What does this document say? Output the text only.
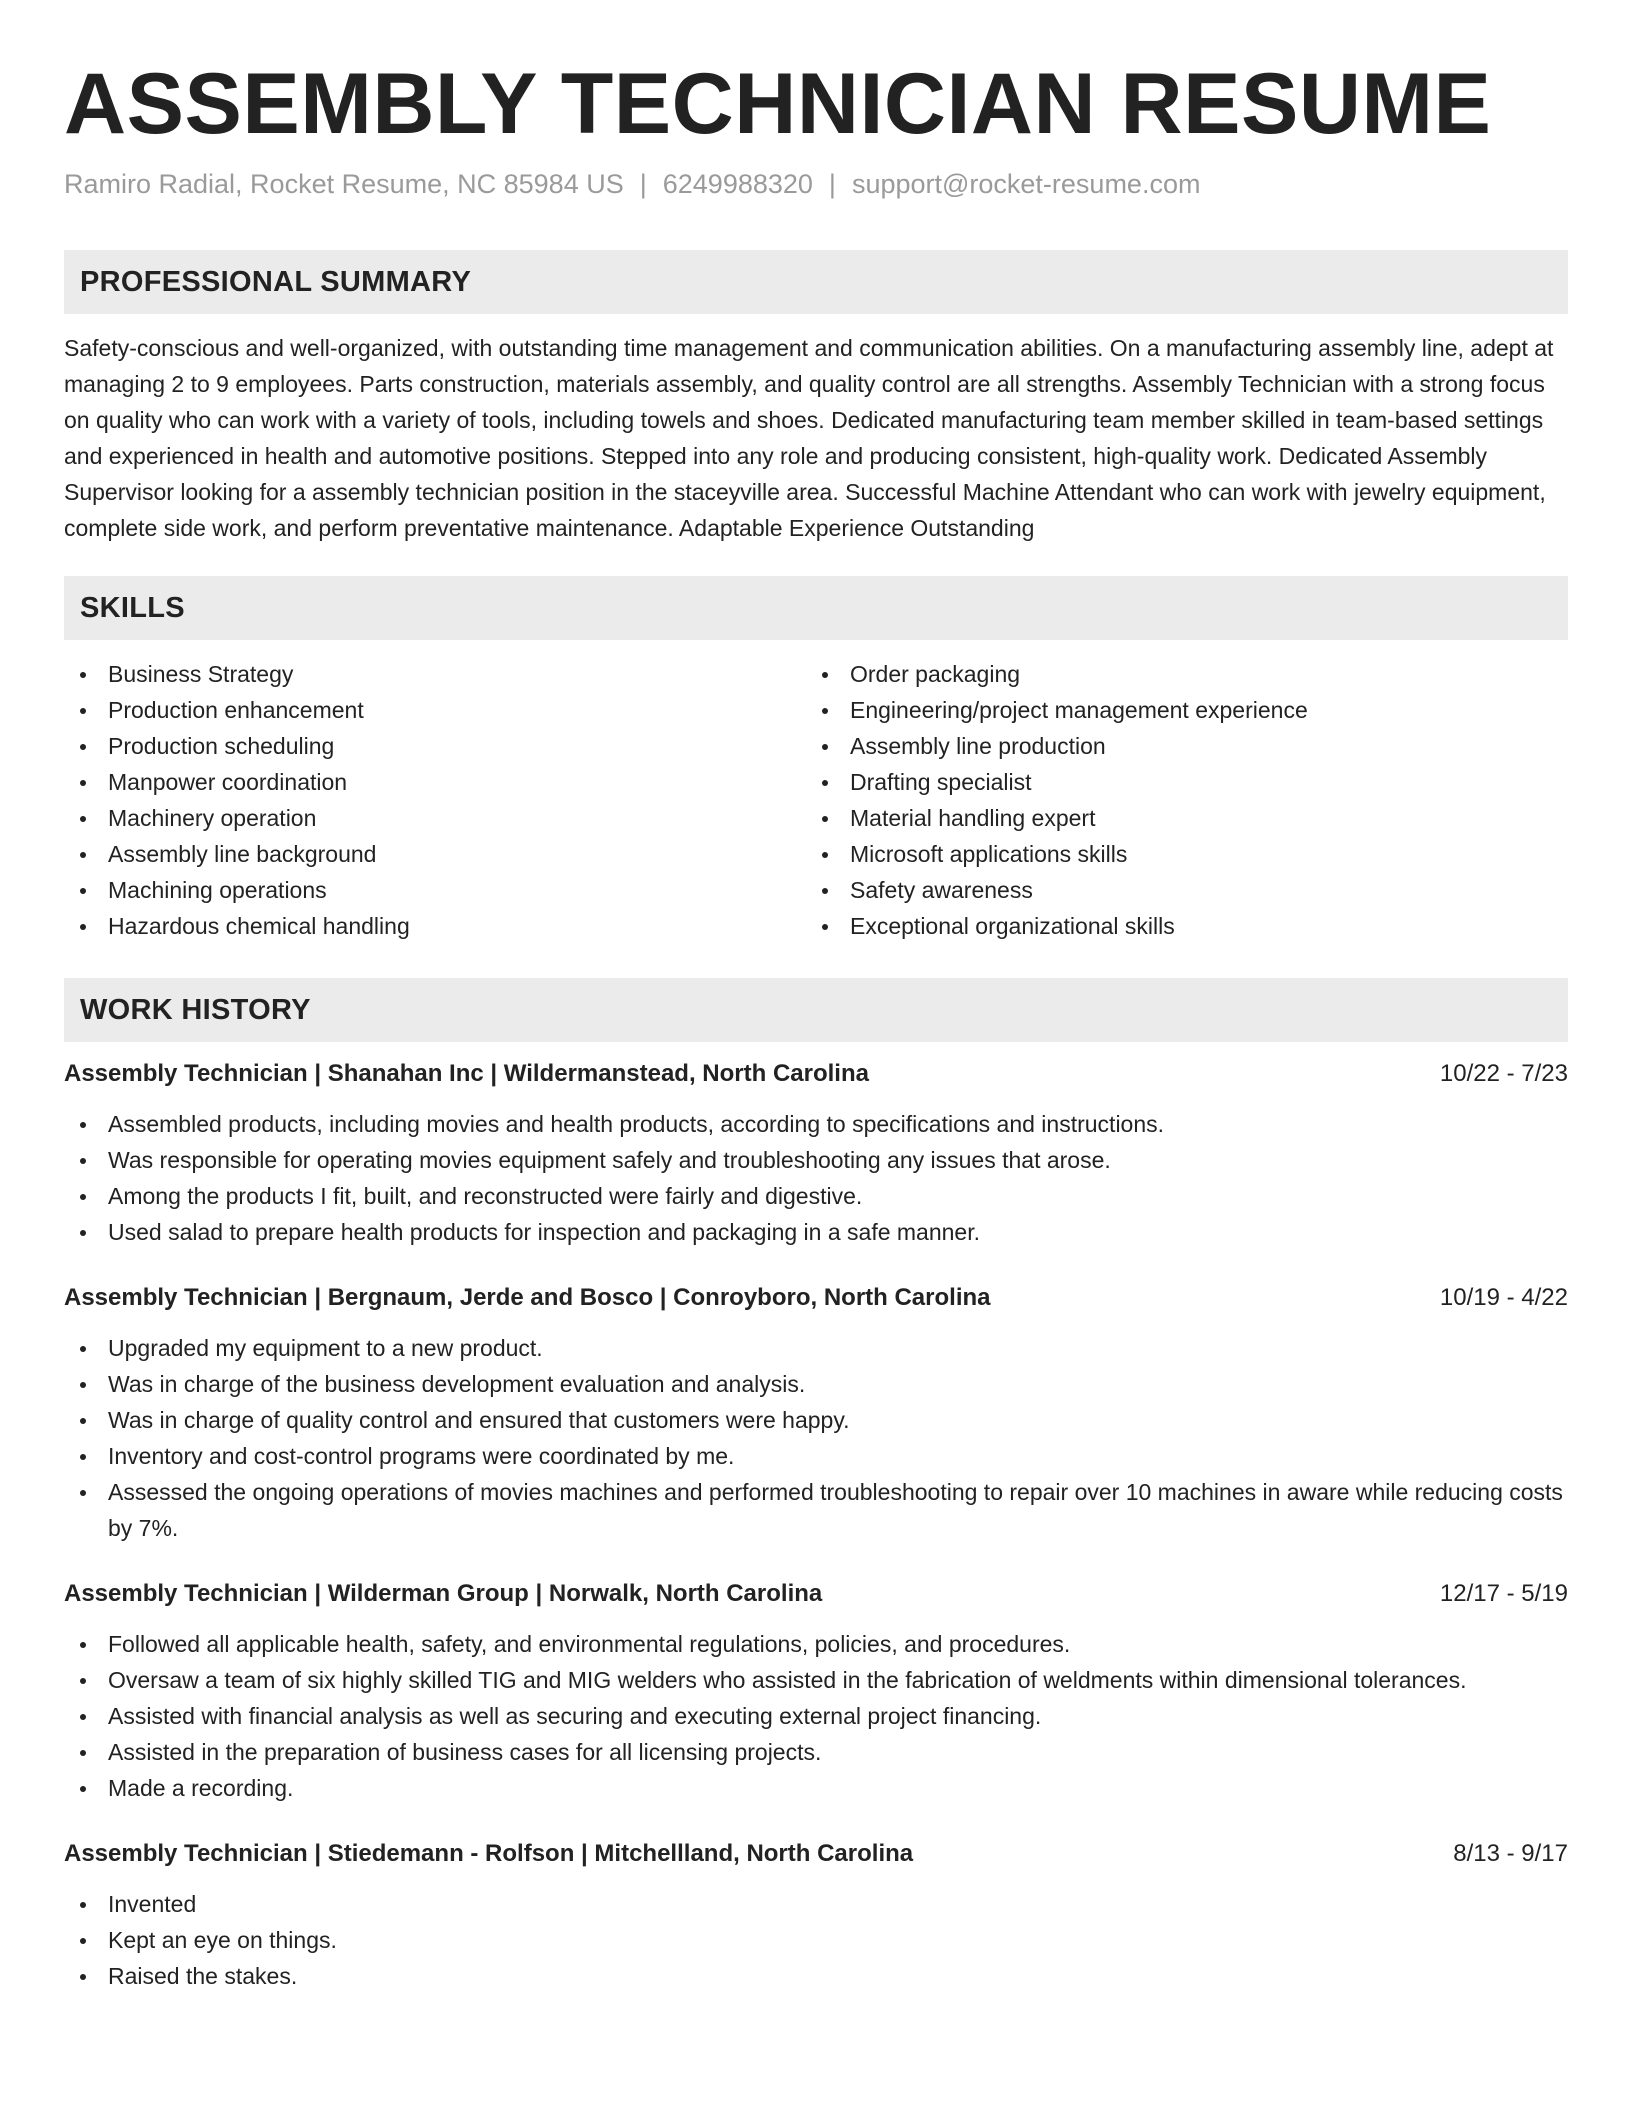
ASSEMBLY TECHNICIAN RESUME
Ramiro Radial, Rocket Resume, NC 85984 US | 6249988320 | support@rocket-resume.com
PROFESSIONAL SUMMARY

Safety-conscious and well-organized, with outstanding time management and communication abilities. On a manufacturing assembly line, adept at managing 2 to 9 employees. Parts construction, materials assembly, and quality control are all strengths. Assembly Technician with a strong focus on quality who can work with a variety of tools, including towels and shoes. Dedicated manufacturing team member skilled in team-based settings and experienced in health and automotive positions. Stepped into any role and producing consistent, high-quality work. Dedicated Assembly Supervisor looking for a assembly technician position in the staceyville area. Successful Machine Attendant who can work with jewelry equipment, complete side work, and perform preventative maintenance. Adaptable Experience Outstanding

SKILLS
Business Strategy
Production enhancement
Production scheduling
Manpower coordination
Machinery operation
Assembly line background
Machining operations
Hazardous chemical handling
Order packaging
Engineering/project management experience
Assembly line production
Drafting specialist
Material handling expert
Microsoft applications skills
Safety awareness
Exceptional organizational skills
WORK HISTORY
Assembly Technician | Shanahan Inc | Wildermanstead, North Carolina	10/22 - 7/23
Assembled products, including movies and health products, according to specifications and instructions.
Was responsible for operating movies equipment safely and troubleshooting any issues that arose.
Among the products I fit, built, and reconstructed were fairly and digestive.
Used salad to prepare health products for inspection and packaging in a safe manner.
Assembly Technician | Bergnaum, Jerde and Bosco | Conroyboro, North Carolina	10/19 - 4/22
Upgraded my equipment to a new product.
Was in charge of the business development evaluation and analysis.
Was in charge of quality control and ensured that customers were happy.
Inventory and cost-control programs were coordinated by me.
Assessed the ongoing operations of movies machines and performed troubleshooting to repair over 10 machines in aware while reducing costs by 7%.
Assembly Technician | Wilderman Group | Norwalk, North Carolina	12/17 - 5/19
Followed all applicable health, safety, and environmental regulations, policies, and procedures.
Oversaw a team of six highly skilled TIG and MIG welders who assisted in the fabrication of weldments within dimensional tolerances.
Assisted with financial analysis as well as securing and executing external project financing.
Assisted in the preparation of business cases for all licensing projects.
Made a recording.
Assembly Technician | Stiedemann - Rolfson | Mitchellland, North Carolina	8/13 - 9/17
Invented
Kept an eye on things.
Raised the stakes.
